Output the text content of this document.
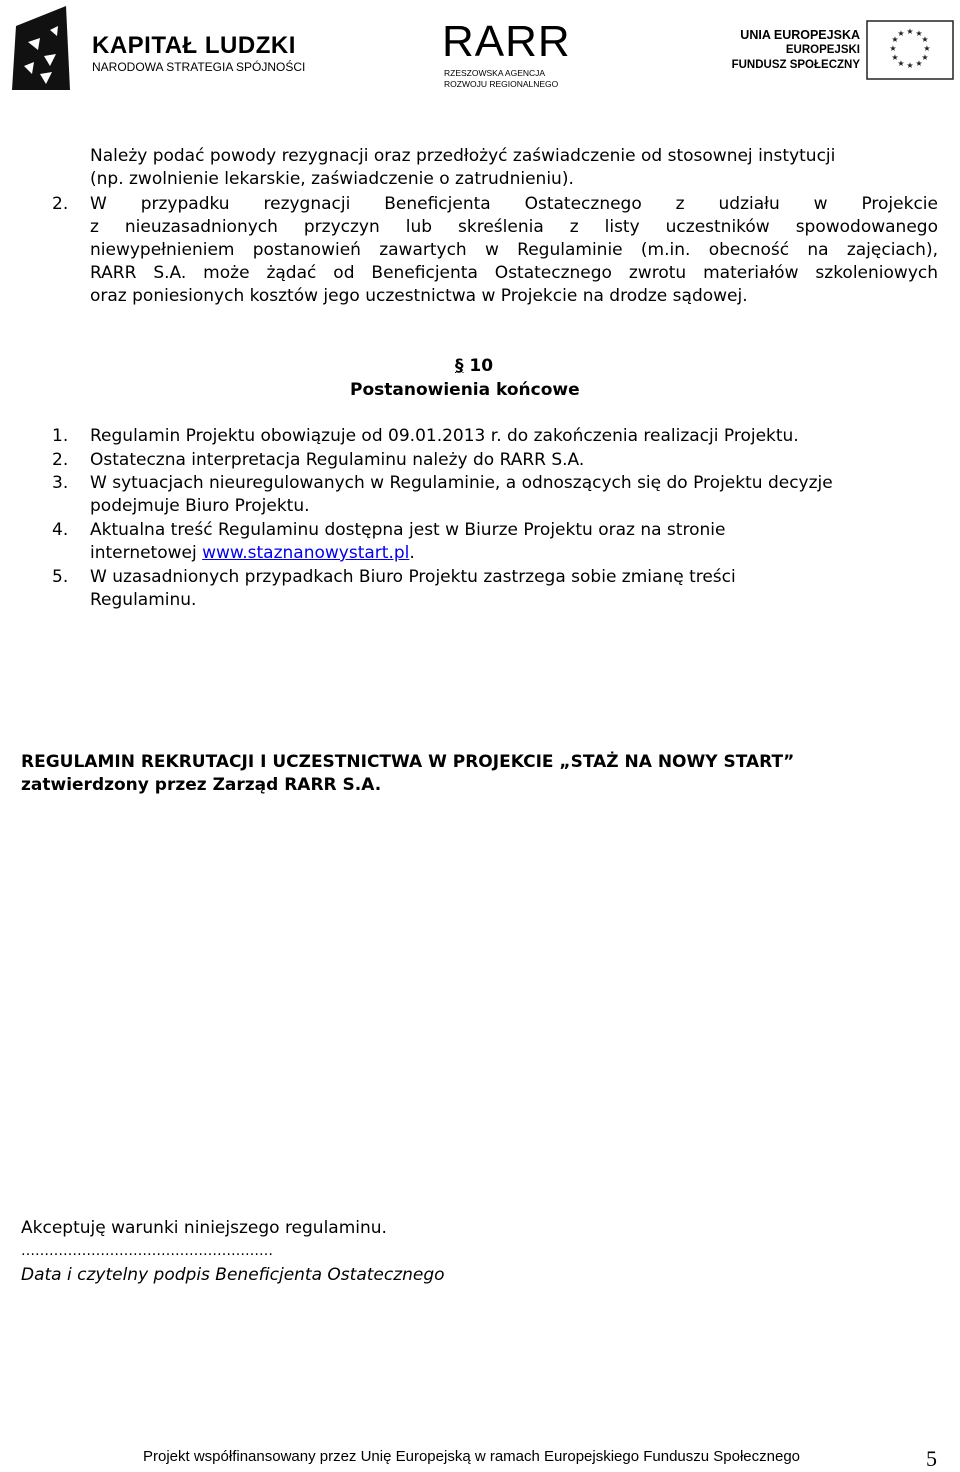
KAPITAŁ LUDZKI
NARODOWA STRATEGIA SPÓJNOŚCI
RARR
RZESZOWSKA AGENCJA
ROZWOJU REGIONALNEGO
UNIA EUROPEJSKA
EUROPEJSKI
FUNDUSZ SPOŁECZNY
★ ★
★
★
★
★
★
★
★
★
★
★
Należy podać powody rezygnacji oraz przedłożyć zaświadczenie od stosownej instytucji
(np. zwolnienie lekarskie, zaświadczenie o zatrudnieniu).
2. W przypadku rezygnacji Beneficjenta Ostatecznego z udziału w Projekcie
z nieuzasadnionych przyczyn lub skreślenia z listy uczestników spowodowanego
niewypełnieniem postanowień zawartych w Regulaminie (m.in. obecność na zajęciach),
RARR S.A. może żądać od Beneficjenta Ostatecznego zwrotu materiałów szkoleniowych
oraz poniesionych kosztów jego uczestnictwa w Projekcie na drodze sądowej.
§ 10
Postanowienia końcowe
1. Regulamin Projektu obowiązuje od 09.01.2013 r. do zakończenia realizacji Projektu.
2. Ostateczna interpretacja Regulaminu należy do RARR S.A.
3. W sytuacjach nieuregulowanych w Regulaminie, a odnoszących się do Projektu decyzje
podejmuje Biuro Projektu.
4. Aktualna treść Regulaminu dostępna jest w Biurze Projektu oraz na stronie
internetowej www.staznanowystart.pl.
5. W uzasadnionych przypadkach Biuro Projektu zastrzega sobie zmianę treści
Regulaminu.
REGULAMIN REKRUTACJI I UCZESTNICTWA W PROJEKCIE „STAŻ NA NOWY START”
zatwierdzony przez Zarząd RARR S.A.
Akceptuję warunki niniejszego regulaminu.
………………………………………………
Data i czytelny podpis Beneficjenta Ostatecznego
Projekt współfinansowany przez Unię Europejską w ramach Europejskiego Funduszu Społecznego	5
